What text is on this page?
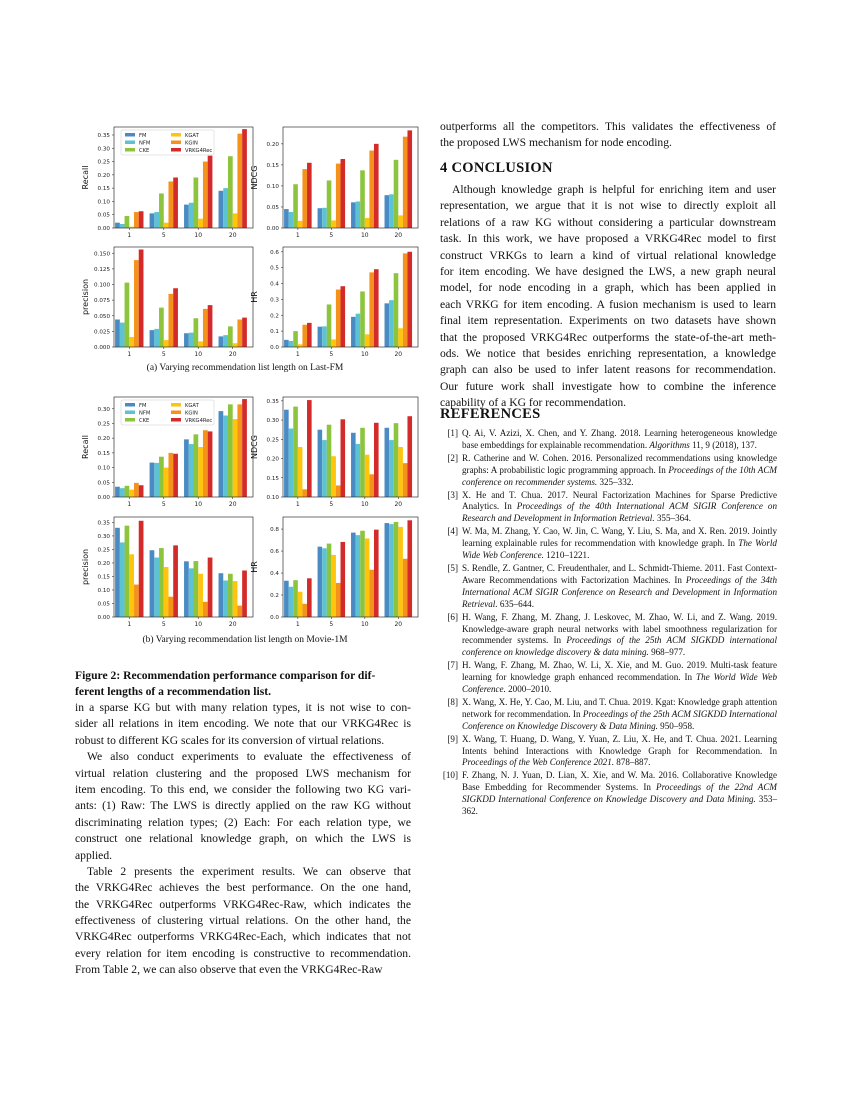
1	5	10	20
0.00
0.05
0.10
0.15
0.20
0.25
0.30
0.35
Recall
FM
NFM
CKE
KGAT
KGIN
VRKG4Rec
1	5	10	20
0.00
0.05
0.10
0.15
0.20
NDCG
1	5	10	20
0.000
0.025
0.050
0.075
0.100
0.125
0.150
precision
1	5	10	20
0.0
0.1
0.2
0.3
0.4
0.5
0.6
HR
1	5	10	20
0.00
0.05
0.10
0.15
0.20
0.25
0.30
Recall
FM
NFM
CKE
KGAT
KGIN
VRKG4Rec
1	5	10	20
0.10
0.15
0.20
0.25
0.30
0.35
NDCG
1	5	10	20
0.00
0.05
0.10
0.15
0.20
0.25
0.30
0.35
precision
1	5	10	20
0.0
0.2
0.4
0.6
0.8
HR
(a) Varying recommendation list length on Last-FM
(b) Varying recommendation list length on Movie-1M
Figure 2: Recommendation performance comparison for dif-
ferent lengths of a recommendation list.
in a sparse KG but with many relation types, it is not wise to con-
sider all relations in item encoding. We note that our VRKG4Rec is
robust to different KG scales for its conversion of virtual relations.
We also conduct experiments to evaluate the effectiveness of
virtual relation clustering and the proposed LWS mechanism for
item encoding. To this end, we consider the following two KG vari-
ants: (1) Raw: The LWS is directly applied on the raw KG without
discriminating relation types; (2) Each: For each relation type, we
construct one relational knowledge graph, on which the LWS is
applied.
Table 2 presents the experiment results. We can observe that
the VRKG4Rec achieves the best performance. On the one hand,
the VRKG4Rec outperforms VRKG4Rec-Raw, which indicates the
effectiveness of clustering virtual relations. On the other hand, the
VRKG4Rec outperforms VRKG4Rec-Each, which indicates that not
every relation for item encoding is constructive to recommendation.
From Table 2, we can also observe that even the VRKG4Rec-Raw
outperforms all the competitors. This validates the effectiveness of
the proposed LWS mechanism for node encoding.
4 CONCLUSION
Although knowledge graph is helpful for enriching item and user
representation, we argue that it is not wise to directly exploit all
relations of a raw KG without considering a particular downstream
task. In this work, we have proposed a VRKG4Rec model to first
construct VRKGs to learn a kind of virtual relational knowledge
for item encoding. We have designed the LWS, a new graph neural
model, for node encoding in a graph, which has been applied in
each VRKG for item encoding. A fusion mechanism is used to learn
final item representation. Experiments on two datasets have shown
that the proposed VRKG4Rec outperforms the state-of-the-art meth-
ods. We notice that besides enriching representation, a knowledge
graph can also be used to infer latent reasons for recommendation.
Our future work shall investigate how to combine the inference
capability of a KG for recommendation.
REFERENCES
[1] Q. Ai, V. Azizi, X. Chen, and Y. Zhang. 2018. Learning heterogeneous knowledge base embeddings for explainable recommendation. Algorithms 11, 9 (2018), 137.
[2] R. Catherine and W. Cohen. 2016. Personalized recommendations using knowledge graphs: A probabilistic logic programming approach. In Proceedings of the 10th ACM conference on recommender systems. 325–332.
[3] X. He and T. Chua. 2017. Neural Factorization Machines for Sparse Predictive Analytics. In Proceedings of the 40th International ACM SIGIR Conference on Research and Development in Information Retrieval. 355–364.
[4] W. Ma, M. Zhang, Y. Cao, W. Jin, C. Wang, Y. Liu, S. Ma, and X. Ren. 2019. Jointly learning explainable rules for recommendation with knowledge graph. In The World Wide Web Conference. 1210–1221.
[5] S. Rendle, Z. Gantner, C. Freudenthaler, and L. Schmidt-Thieme. 2011. Fast Context-Aware Recommendations with Factorization Machines. In Proceedings of the 34th International ACM SIGIR Conference on Research and Development in Information Retrieval. 635–644.
[6] H. Wang, F. Zhang, M. Zhang, J. Leskovec, M. Zhao, W. Li, and Z. Wang. 2019. Knowledge-aware graph neural networks with label smoothness regularization for recommender systems. In Proceedings of the 25th ACM SIGKDD international conference on knowledge discovery & data mining. 968–977.
[7] H. Wang, F. Zhang, M. Zhao, W. Li, X. Xie, and M. Guo. 2019. Multi-task feature learning for knowledge graph enhanced recommendation. In The World Wide Web Conference. 2000–2010.
[8] X. Wang, X. He, Y. Cao, M. Liu, and T. Chua. 2019. Kgat: Knowledge graph attention network for recommendation. In Proceedings of the 25th ACM SIGKDD International Conference on Knowledge Discovery & Data Mining. 950–958.
[9] X. Wang, T. Huang, D. Wang, Y. Yuan, Z. Liu, X. He, and T. Chua. 2021. Learning Intents behind Interactions with Knowledge Graph for Recommendation. In Proceedings of the Web Conference 2021. 878–887.
[10] F. Zhang, N. J. Yuan, D. Lian, X. Xie, and W. Ma. 2016. Collaborative Knowledge Base Embedding for Recommender Systems. In Proceedings of the 22nd ACM SIGKDD International Conference on Knowledge Discovery and Data Mining. 353–362.
